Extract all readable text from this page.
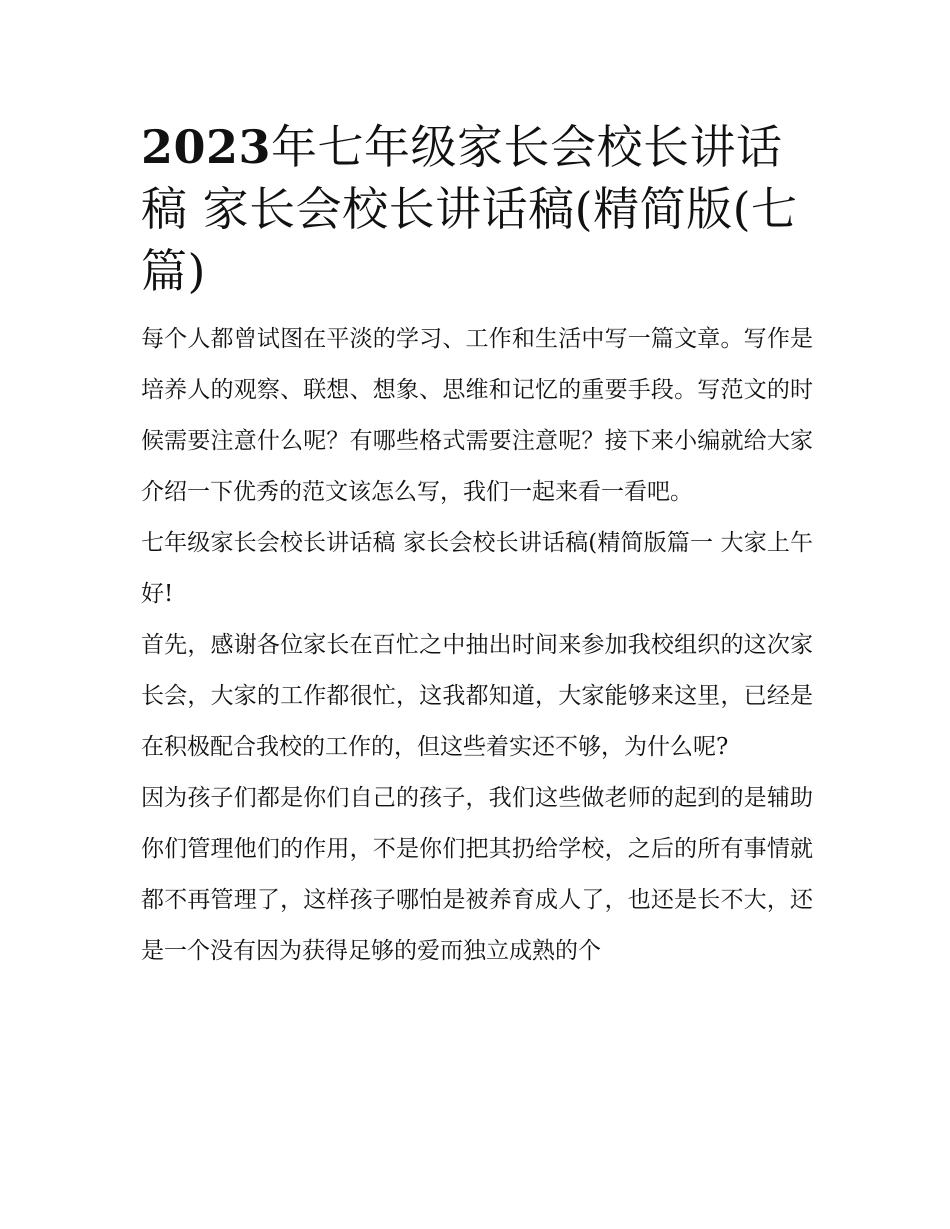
2023年七年级家长会校长讲话稿 家长会校长讲话稿(精简版(七篇)

每个人都曾试图在平淡的学习、工作和生活中写一篇文章。写作是培养人的观察、联想、想象、思维和记忆的重要手段。写范文的时候需要注意什么呢？有哪些格式需要注意呢？接下来小编就给大家介绍一下优秀的范文该怎么写，我们一起来看一看吧。

七年级家长会校长讲话稿 家长会校长讲话稿(精简版篇一 大家上午好!

首先，感谢各位家长在百忙之中抽出时间来参加我校组织的这次家长会，大家的工作都很忙，这我都知道，大家能够来这里，已经是在积极配合我校的工作的，但这些着实还不够，为什么呢?

因为孩子们都是你们自己的孩子，我们这些做老师的起到的是辅助你们管理他们的作用，不是你们把其扔给学校，之后的所有事情就都不再管理了，这样孩子哪怕是被养育成人了，也还是长不大，还是一个没有因为获得足够的爱而独立成熟的个
